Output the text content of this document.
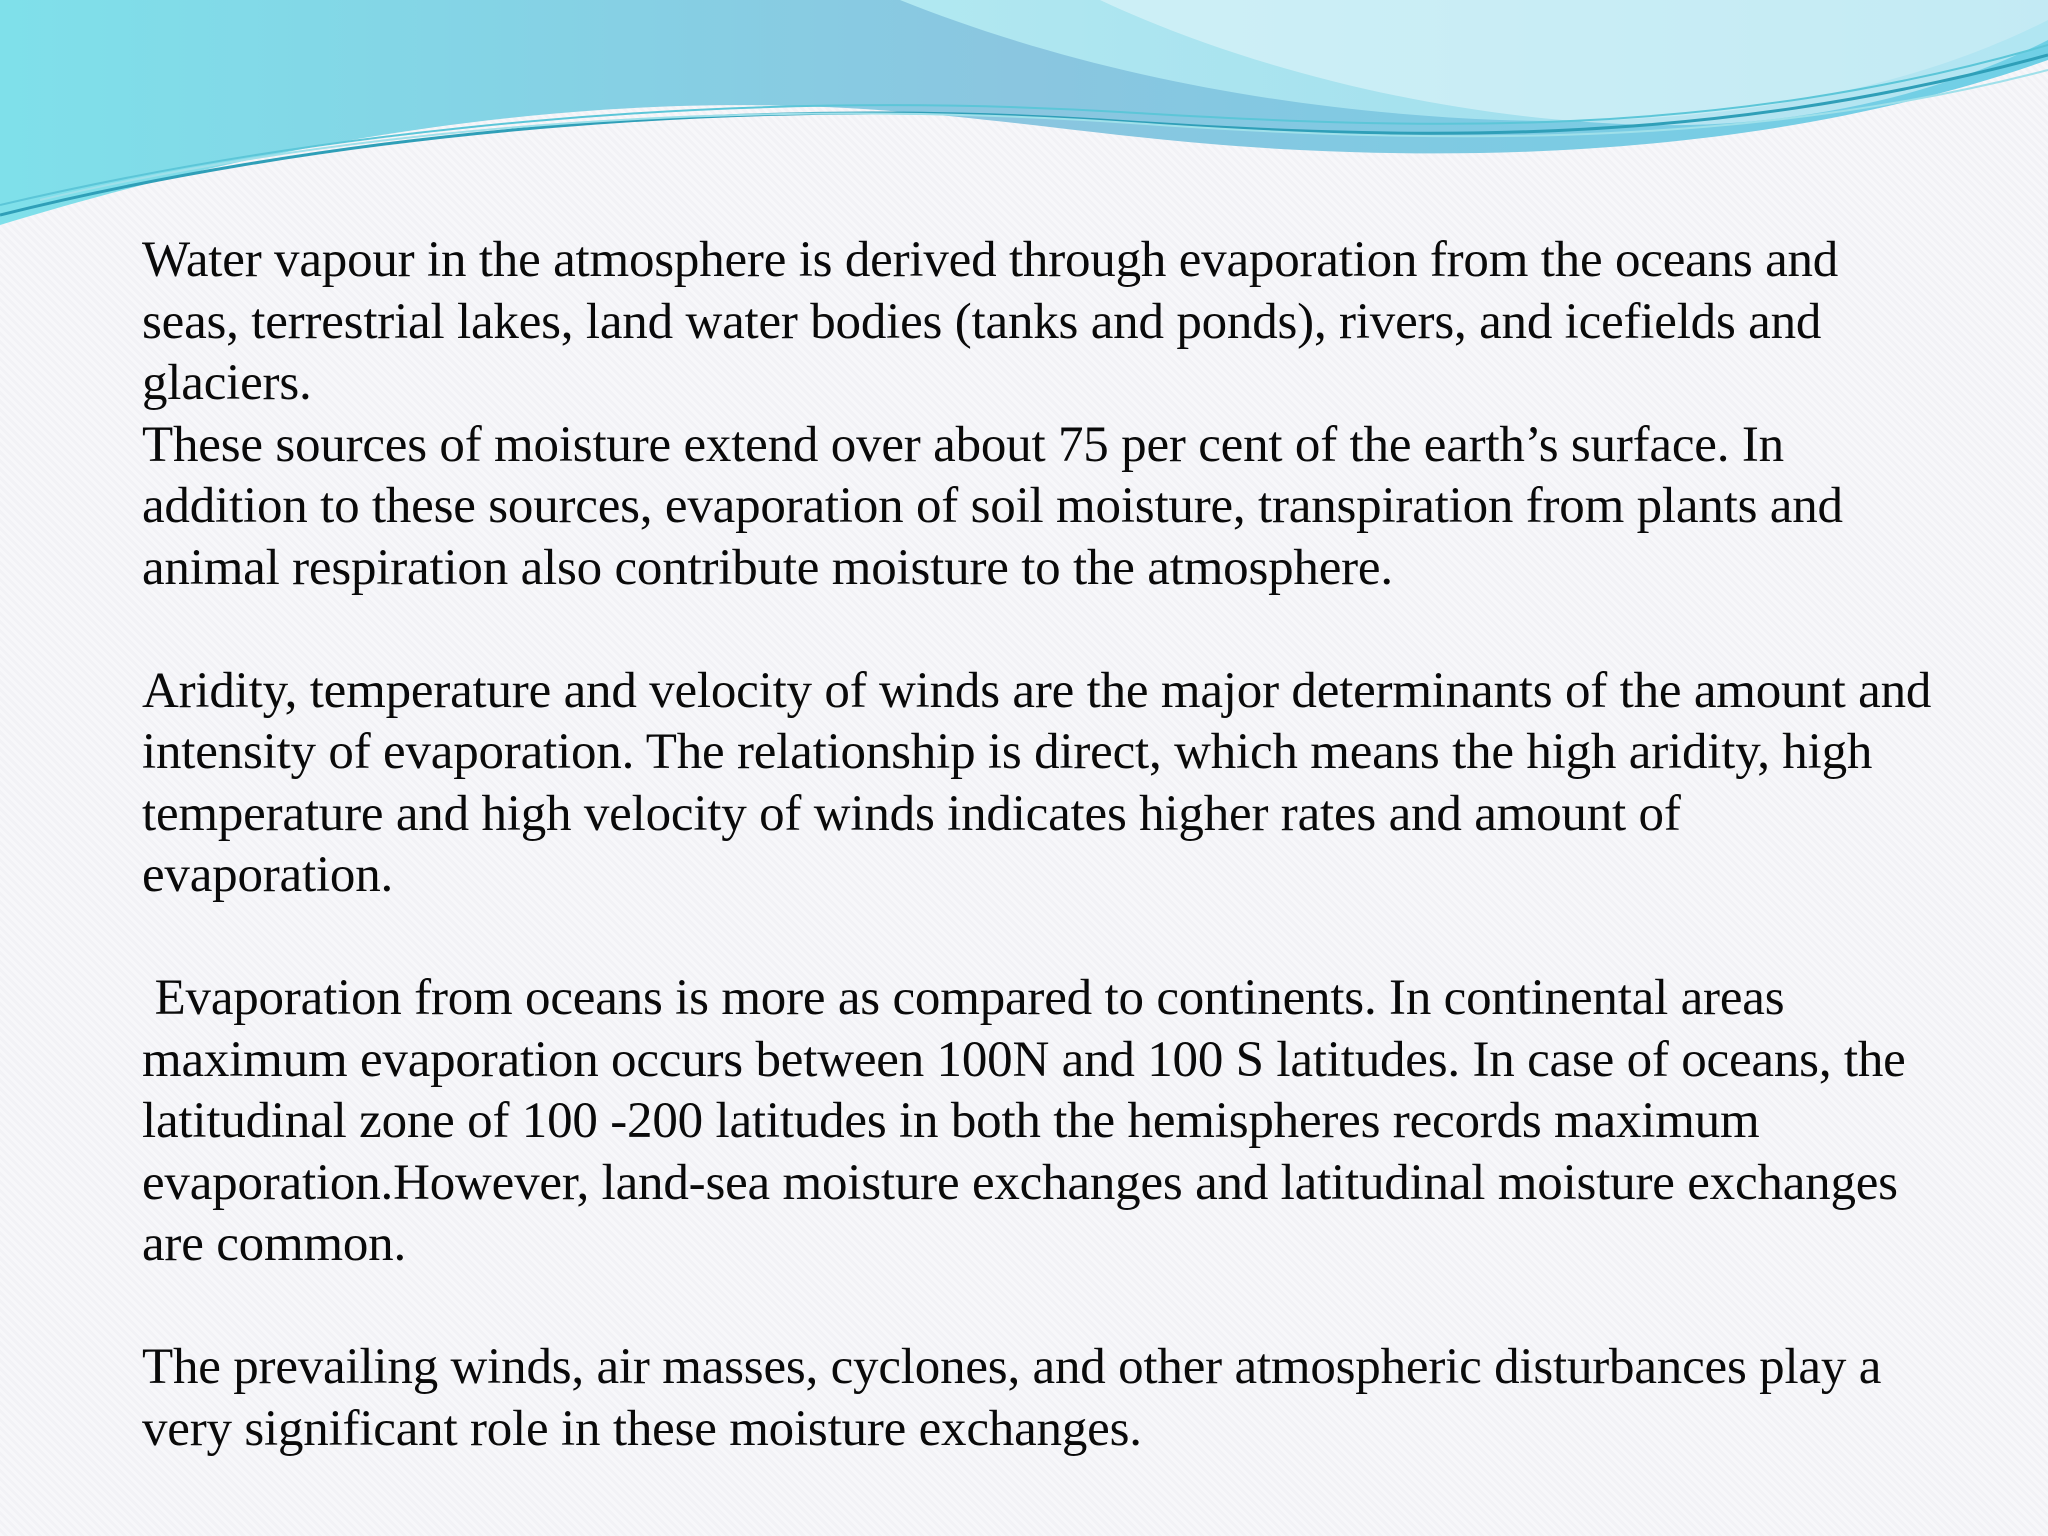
Water vapour in the atmosphere is derived through evaporation from the oceans and seas, terrestrial lakes, land water bodies (tanks and ponds), rivers, and icefields and glaciers.

These sources of moisture extend over about 75 per cent of the earth’s surface. In addition to these sources, evaporation of soil moisture, transpiration from plants and animal respiration also contribute moisture to the atmosphere.

Aridity, temperature and velocity of winds are the major determinants of the amount and intensity of evaporation. The relationship is direct, which means the high aridity, high temperature and high velocity of winds indicates higher rates and amount of evaporation.

Evaporation from oceans is more as compared to continents. In continental areas maximum evaporation occurs between 100N and 100 S latitudes. In case of oceans, the latitudinal zone of 100 -200 latitudes in both the hemispheres records maximum evaporation.However, land-sea moisture exchanges and latitudinal moisture exchanges are common.

The prevailing winds, air masses, cyclones, and other atmospheric disturbances play a very significant role in these moisture exchanges.
